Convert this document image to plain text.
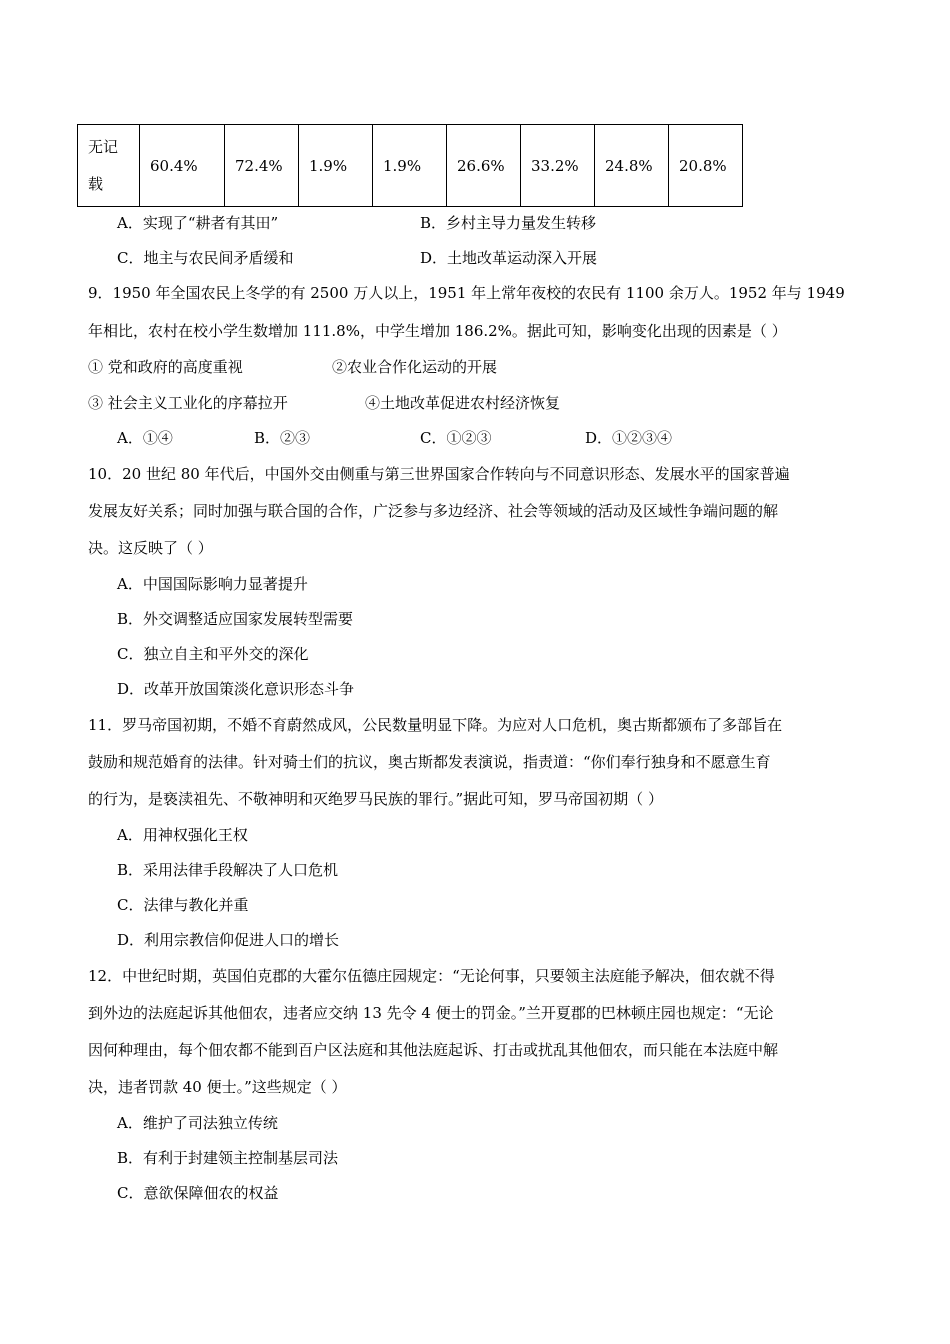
无记
载
	60.4%	72.4%	1.9%	1.9%	26.6%	33.2%	24.8%	20.8%
A．实现了“耕者有其田”	B．乡村主导力量发生转移
C．地主与农民间矛盾缓和	D．土地改革运动深入开展
9．1950 年全国农民上冬学的有 2500 万人以上，1951 年上常年夜校的农民有 1100 余万人。1952 年与 1949
年相比，农村在校小学生数增加 111.8%，中学生增加 186.2%。据此可知，影响变化出现的因素是（ ）
① 党和政府的高度重视	②农业合作化运动的开展
③ 社会主义工业化的序幕拉开	④土地改革促进农村经济恢复
A．①④	B．②③	C．①②③	D．①②③④
10．20 世纪 80 年代后，中国外交由侧重与第三世界国家合作转向与不同意识形态、发展水平的国家普遍
发展友好关系；同时加强与联合国的合作，广泛参与多边经济、社会等领域的活动及区域性争端问题的解
决。这反映了（ ）
A．中国国际影响力显著提升
B．外交调整适应国家发展转型需要
C．独立自主和平外交的深化
D．改革开放国策淡化意识形态斗争
11．罗马帝国初期，不婚不育蔚然成风，公民数量明显下降。为应对人口危机，奥古斯都颁布了多部旨在
鼓励和规范婚育的法律。针对骑士们的抗议，奥古斯都发表演说，指责道：“你们奉行独身和不愿意生育
的行为，是亵渎祖先、不敬神明和灭绝罗马民族的罪行。”据此可知，罗马帝国初期（ ）
A．用神权强化王权
B．采用法律手段解决了人口危机
C．法律与教化并重
D．利用宗教信仰促进人口的增长
12．中世纪时期，英国伯克郡的大霍尔伍德庄园规定：“无论何事，只要领主法庭能予解决，佃农就不得
到外边的法庭起诉其他佃农，违者应交纳 13 先令 4 便士的罚金。”兰开夏郡的巴林顿庄园也规定：“无论
因何种理由，每个佃农都不能到百户区法庭和其他法庭起诉、打击或扰乱其他佃农，而只能在本法庭中解
决，违者罚款 40 便士。”这些规定（ ）
A．维护了司法独立传统
B．有利于封建领主控制基层司法
C．意欲保障佃农的权益
